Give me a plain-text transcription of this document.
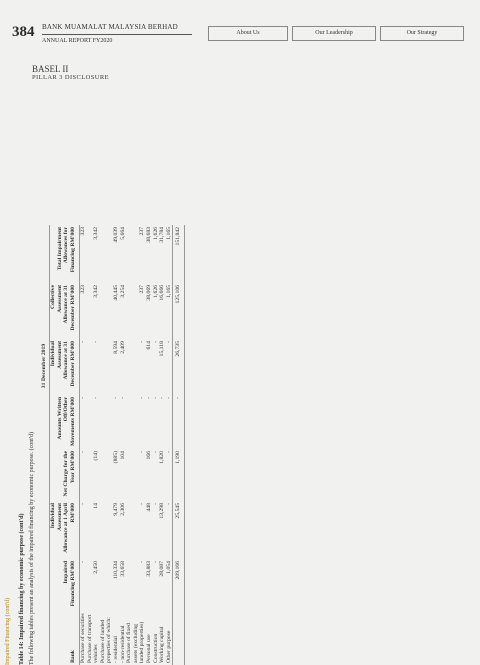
384 BANK MUAMALAT MALAYSIA BERHAD
ANNUAL REPORT FY2020
About Us	Our Leadership	Our Strategy
BASEL II
PILLAR 3 DISCLOSURE
Impaired Financing (cont'd) Table 14: Impaired financing by economic purpose (cont'd) The following tables present an analysis of the impaired financing by economic purpose. (cont'd)
				31 December 2019			
Bank	Impaired Financing RM'000	Individual Assessment Allowance at 1 April RM'000	Net Charge for the Year RM'000	Amounts Written Off/Other Movements RM'000	Individual Assessment Allowance at 31 December RM'000	Collective Assessment Allowance at 31 December RM'000	Total Impairment Allowances for Financing RM'000
Purchase of securities	-	-	-	-	-	323	323
Purchase of transport vehicles	2,450	14	(14)	-	-	3,342	3,342
Purchase of landed properties of which:							
- residential	110,334	9,479	(885)	-	8,594	40,445	49,039
- non-residential	33,658	2,306	104	-	2,409	3,254	5,664
Purchase of fixed assets (excluding landed properties)	-	-	-	-	-	237	237
Personal use	33,883	448	166	-	614	38,069	38,683
Construction	-	-	-	-	-	1,626	1,626
Working capital	28,087	13,298	1,820	-	15,118	16,666	31,784
Other purpose	1,054	-	-	-	-	1,165	1,165
	209,166	25,545	1,190	-	26,735	125,106	151,842
